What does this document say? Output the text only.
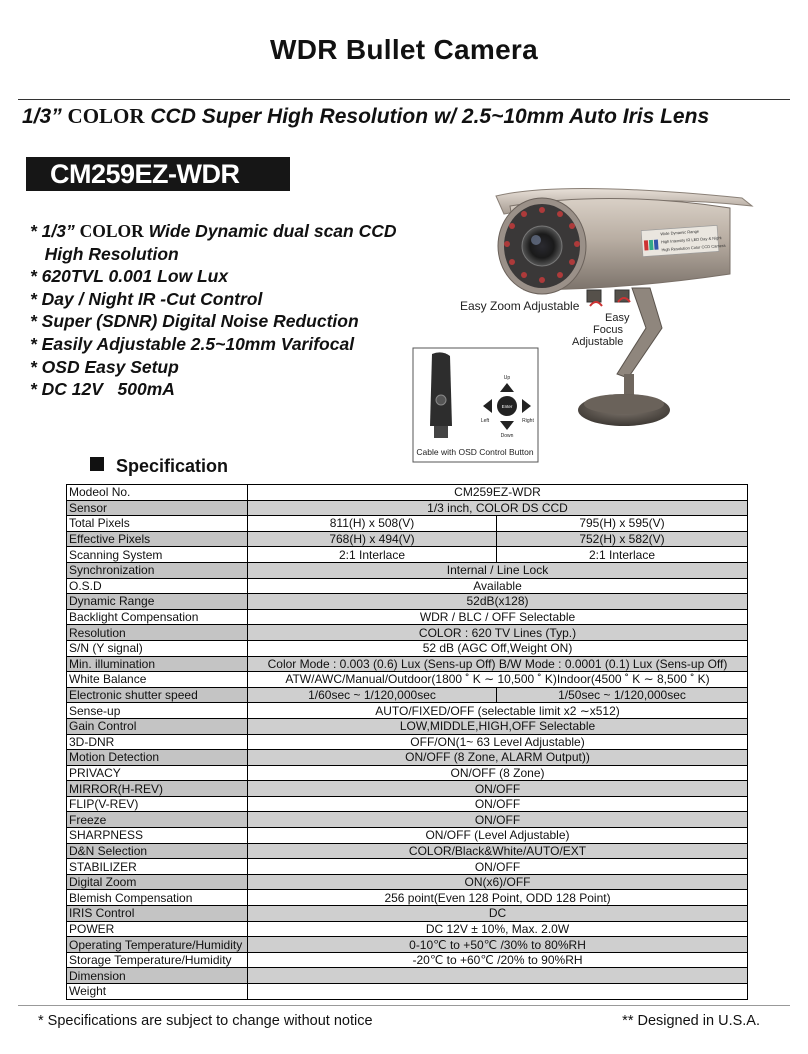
WDR Bullet Camera
1/3” COLOR CCD Super High Resolution w/ 2.5~10mm Auto Iris Lens
CM259EZ-WDR
* 1/3” COLOR Wide Dynamic dual scan CCD
High Resolution
* 620TVL 0.001 Low Lux
* Day / Night IR -Cut Control
* Super (SDNR) Digital Noise Reduction
* Easily Adjustable 2.5~10mm Varifocal
* OSD Easy Setup
* DC 12V   500mA
Wide Dynamic Range
High Intensity IR LED Day & Night
High Resolution Color CCD Camera
Easy Zoom Adjustable
Easy
Focus
Adjustable
Enter
Up
Down
Left	Right
Cable with OSD Control Button
Specification
Modeol No.	CM259EZ-WDR	
Sensor	1/3 inch, COLOR DS CCD	
Total Pixels	811(H) x 508(V)	795(H) x 595(V)
Effective Pixels	768(H) x 494(V)	752(H) x 582(V)
Scanning System	2:1 Interlace	2:1 Interlace
Synchronization	Internal / Line Lock	
O.S.D	Available	
Dynamic Range	52dB(x128)	
Backlight Compensation	WDR / BLC / OFF Selectable	
Resolution	COLOR : 620 TV Lines (Typ.)	
S/N (Y signal)	52 dB (AGC Off,Weight ON)	
Min. illumination	Color Mode : 0.003 (0.6) Lux (Sens-up Off) B/W Mode : 0.0001 (0.1) Lux (Sens-up Off)	
White Balance	ATW/AWC/Manual/Outdoor(1800 ˚ K ∼ 10,500 ˚ K)Indoor(4500 ˚ K ∼ 8,500 ˚ K)	
Electronic shutter speed	1/60sec ~ 1/120,000sec	1/50sec ~ 1/120,000sec
Sense-up	AUTO/FIXED/OFF (selectable limit x2 ∼x512)	
Gain Control	LOW,MIDDLE,HIGH,OFF Selectable	
3D-DNR	OFF/ON(1~ 63 Level Adjustable)	
Motion Detection	ON/OFF (8 Zone, ALARM Output))	
PRIVACY	ON/OFF (8 Zone)	
MIRROR(H-REV)	ON/OFF	
FLIP(V-REV)	ON/OFF	
Freeze	ON/OFF	
SHARPNESS	ON/OFF (Level Adjustable)	
D&N Selection	COLOR/Black&White/AUTO/EXT	
STABILIZER	ON/OFF	
Digital Zoom	ON(x6)/OFF	
Blemish Compensation	256 point(Even 128 Point, ODD 128 Point)	
IRIS Control	DC	
POWER	DC 12V ± 10%, Max. 2.0W	
Operating Temperature/Humidity	0-10℃ to +50℃ /30% to 80%RH	
Storage Temperature/Humidity	-20℃ to +60℃ /20% to 90%RH	
Dimension		
Weight		
* Specifications are subject to change without notice	** Designed in U.S.A.
